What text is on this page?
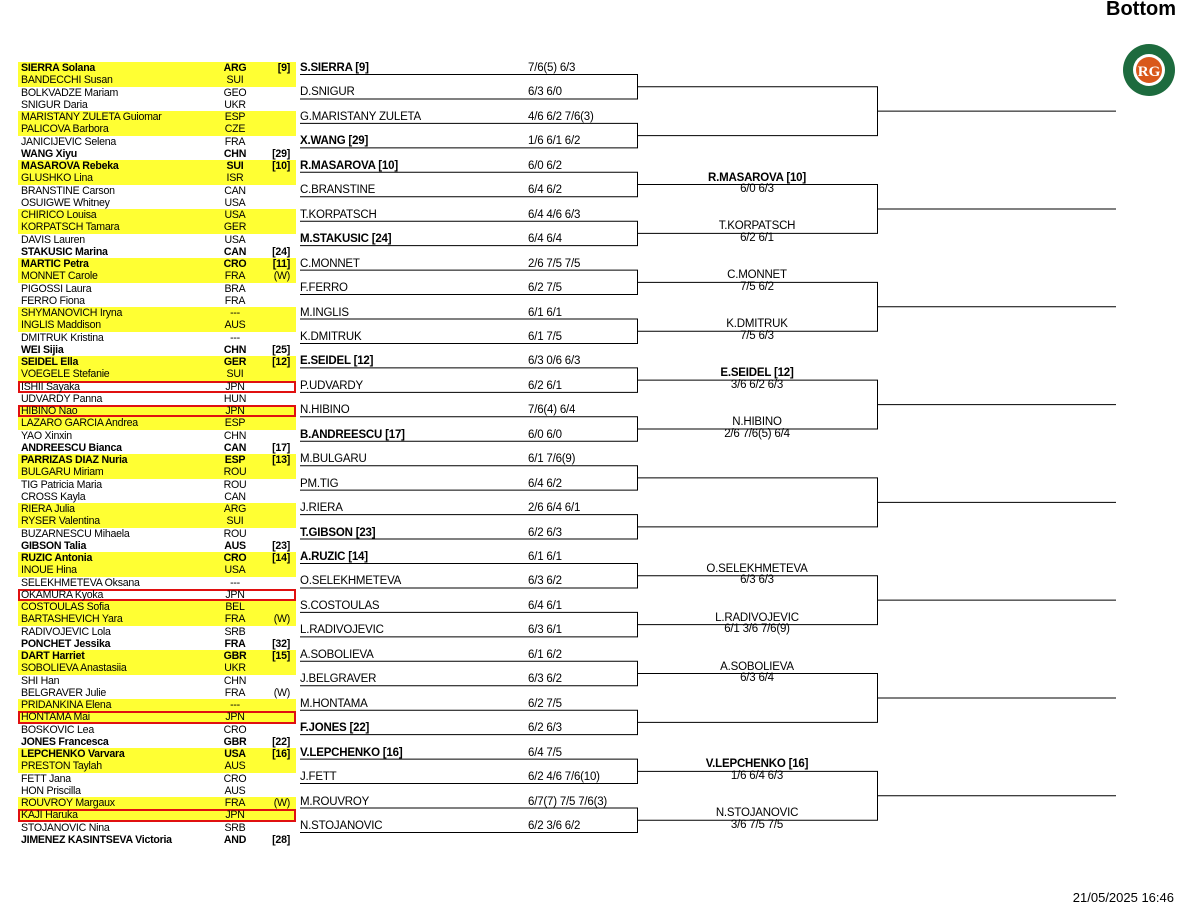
Bottom
RG
SIERRA Solana	ARG	[9]
BANDECCHI Susan	SUI
BOLKVADZE Mariam	GEO
SNIGUR Daria	UKR
MARISTANY ZULETA Guiomar	ESP
PALICOVA Barbora	CZE
JANICIJEVIC Selena	FRA
WANG Xiyu	CHN	[29]
MASAROVA Rebeka	SUI	[10]
GLUSHKO Lina	ISR
BRANSTINE Carson	CAN
OSUIGWE Whitney	USA
CHIRICO Louisa	USA
KORPATSCH Tamara	GER
DAVIS Lauren	USA
STAKUSIC Marina	CAN	[24]
MARTIC Petra	CRO	[11]
MONNET Carole	FRA	(W)
PIGOSSI Laura	BRA
FERRO Fiona	FRA
SHYMANOVICH Iryna	---
INGLIS Maddison	AUS
DMITRUK Kristina	---
WEI Sijia	CHN	[25]
SEIDEL Ella	GER	[12]
VOEGELE Stefanie	SUI
ISHII Sayaka	JPN
UDVARDY Panna	HUN
HIBINO Nao	JPN
LAZARO GARCIA Andrea	ESP
YAO Xinxin	CHN
ANDREESCU Bianca	CAN	[17]
PARRIZAS DIAZ Nuria	ESP	[13]
BULGARU Miriam	ROU
TIG Patricia Maria	ROU
CROSS Kayla	CAN
RIERA Julia	ARG
RYSER Valentina	SUI
BUZARNESCU Mihaela	ROU
GIBSON Talia	AUS	[23]
RUZIC Antonia	CRO	[14]
INOUE Hina	USA
SELEKHMETEVA Oksana	---
OKAMURA Kyoka	JPN
COSTOULAS Sofia	BEL
BARTASHEVICH Yara	FRA	(W)
RADIVOJEVIC Lola	SRB
PONCHET Jessika	FRA	[32]
DART Harriet	GBR	[15]
SOBOLIEVA Anastasiia	UKR
SHI Han	CHN
BELGRAVER Julie	FRA	(W)
PRIDANKINA Elena	---
HONTAMA Mai	JPN
BOSKOVIC Lea	CRO
JONES Francesca	GBR	[22]
LEPCHENKO Varvara	USA	[16]
PRESTON Taylah	AUS
FETT Jana	CRO
HON Priscilla	AUS
ROUVROY Margaux	FRA	(W)
KAJI Haruka	JPN
STOJANOVIC Nina	SRB
JIMENEZ KASINTSEVA Victoria	AND	[28]
S.SIERRA [9]	7/6(5) 6/3
D.SNIGUR	6/3 6/0
G.MARISTANY ZULETA	4/6 6/2 7/6(3)
X.WANG [29]	1/6 6/1 6/2
R.MASAROVA [10]	6/0 6/2
C.BRANSTINE	6/4 6/2
T.KORPATSCH	6/4 4/6 6/3
M.STAKUSIC [24]	6/4 6/4
C.MONNET	2/6 7/5 7/5
F.FERRO	6/2 7/5
M.INGLIS	6/1 6/1
K.DMITRUK	6/1 7/5
E.SEIDEL [12]	6/3 0/6 6/3
P.UDVARDY	6/2 6/1
N.HIBINO	7/6(4) 6/4
B.ANDREESCU [17]	6/0 6/0
M.BULGARU	6/1 7/6(9)
PM.TIG	6/4 6/2
J.RIERA	2/6 6/4 6/1
T.GIBSON [23]	6/2 6/3
A.RUZIC [14]	6/1 6/1
O.SELEKHMETEVA	6/3 6/2
S.COSTOULAS	6/4 6/1
L.RADIVOJEVIC	6/3 6/1
A.SOBOLIEVA	6/1 6/2
J.BELGRAVER	6/3 6/2
M.HONTAMA	6/2 7/5
F.JONES [22]	6/2 6/3
V.LEPCHENKO [16]	6/4 7/5
J.FETT	6/2 4/6 7/6(10)
M.ROUVROY	6/7(7) 7/5 7/6(3)
N.STOJANOVIC	6/2 3/6 6/2
R.MASAROVA [10]
6/0 6/3
T.KORPATSCH
6/2 6/1
C.MONNET
7/5 6/2
K.DMITRUK
7/5 6/3
E.SEIDEL [12]
3/6 6/2 6/3
N.HIBINO
2/6 7/6(5) 6/4
O.SELEKHMETEVA
6/3 6/3
L.RADIVOJEVIC
6/1 3/6 7/6(9)
A.SOBOLIEVA
6/3 6/4
V.LEPCHENKO [16]
1/6 6/4 6/3
N.STOJANOVIC
3/6 7/5 7/5
21/05/2025 16:46
